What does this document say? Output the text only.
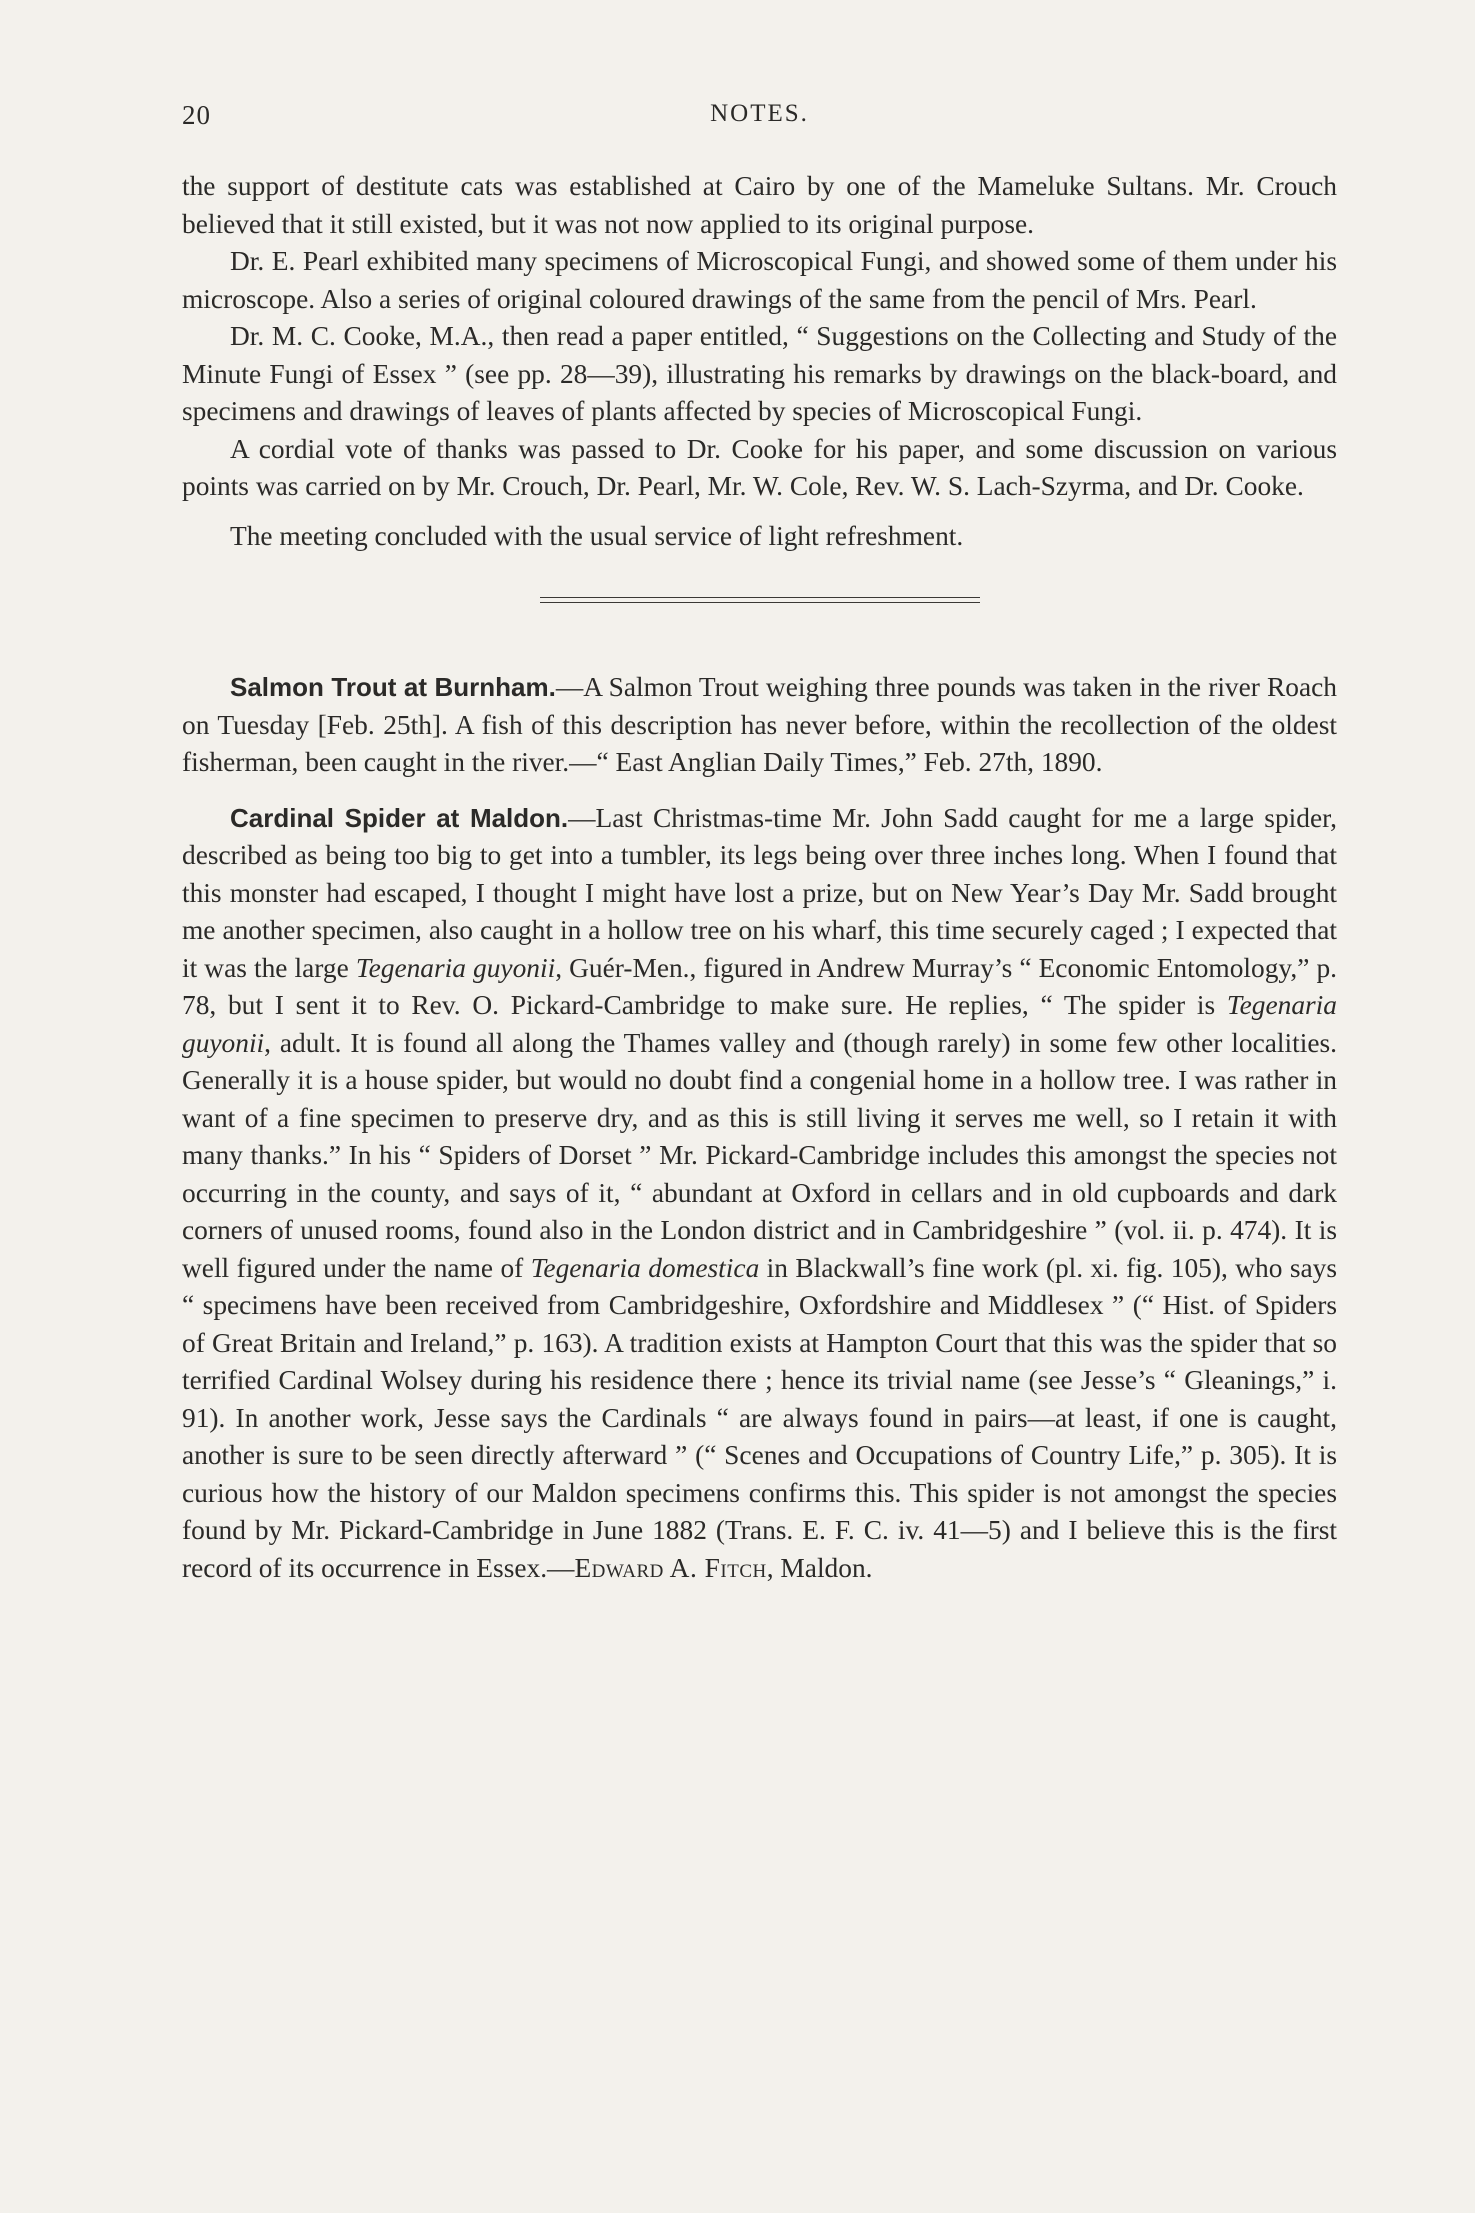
20	NOTES.

the support of destitute cats was established at Cairo by one of the Mameluke Sultans. Mr. Crouch believed that it still existed, but it was not now applied to its original purpose.

Dr. E. Pearl exhibited many specimens of Microscopical Fungi, and showed some of them under his microscope. Also a series of original coloured drawings of the same from the pencil of Mrs. Pearl.

Dr. M. C. Cooke, M.A., then read a paper entitled, “ Suggestions on the Collecting and Study of the Minute Fungi of Essex ” (see pp. 28—39), illustrating his remarks by drawings on the black-board, and specimens and drawings of leaves of plants affected by species of Microscopical Fungi.

A cordial vote of thanks was passed to Dr. Cooke for his paper, and some discussion on various points was carried on by Mr. Crouch, Dr. Pearl, Mr. W. Cole, Rev. W. S. Lach-Szyrma, and Dr. Cooke.

The meeting concluded with the usual service of light refreshment.

Salmon Trout at Burnham.—A Salmon Trout weighing three pounds was taken in the river Roach on Tuesday [Feb. 25th]. A fish of this description has never before, within the recollection of the oldest fisherman, been caught in the river.—“ East Anglian Daily Times,” Feb. 27th, 1890.

Cardinal Spider at Maldon.—Last Christmas-time Mr. John Sadd caught for me a large spider, described as being too big to get into a tumbler, its legs being over three inches long. When I found that this monster had escaped, I thought I might have lost a prize, but on New Year’s Day Mr. Sadd brought me another specimen, also caught in a hollow tree on his wharf, this time securely caged ; I expected that it was the large Tegenaria guyonii, Guér-Men., figured in Andrew Murray’s “ Economic Entomology,” p. 78, but I sent it to Rev. O. Pickard-Cambridge to make sure. He replies, “ The spider is Tegenaria guyonii, adult. It is found all along the Thames valley and (though rarely) in some few other localities. Generally it is a house spider, but would no doubt find a congenial home in a hollow tree. I was rather in want of a fine specimen to preserve dry, and as this is still living it serves me well, so I retain it with many thanks.” In his “ Spiders of Dorset ” Mr. Pickard-Cambridge includes this amongst the species not occurring in the county, and says of it, “ abundant at Oxford in cellars and in old cupboards and dark corners of unused rooms, found also in the London district and in Cambridgeshire ” (vol. ii. p. 474). It is well figured under the name of Tegenaria domestica in Blackwall’s fine work (pl. xi. fig. 105), who says “ specimens have been received from Cambridgeshire, Oxfordshire and Middlesex ” (“ Hist. of Spiders of Great Britain and Ireland,” p. 163). A tradition exists at Hampton Court that this was the spider that so terrified Cardinal Wolsey during his residence there ; hence its trivial name (see Jesse’s “ Gleanings,” i. 91). In another work, Jesse says the Cardinals “ are always found in pairs—at least, if one is caught, another is sure to be seen directly afterward ” (“ Scenes and Occupations of Country Life,” p. 305). It is curious how the history of our Maldon specimens confirms this. This spider is not amongst the species found by Mr. Pickard-Cambridge in June 1882 (Trans. E. F. C. iv. 41—5) and I believe this is the first record of its occurrence in Essex.—Edward A. Fitch, Maldon.
